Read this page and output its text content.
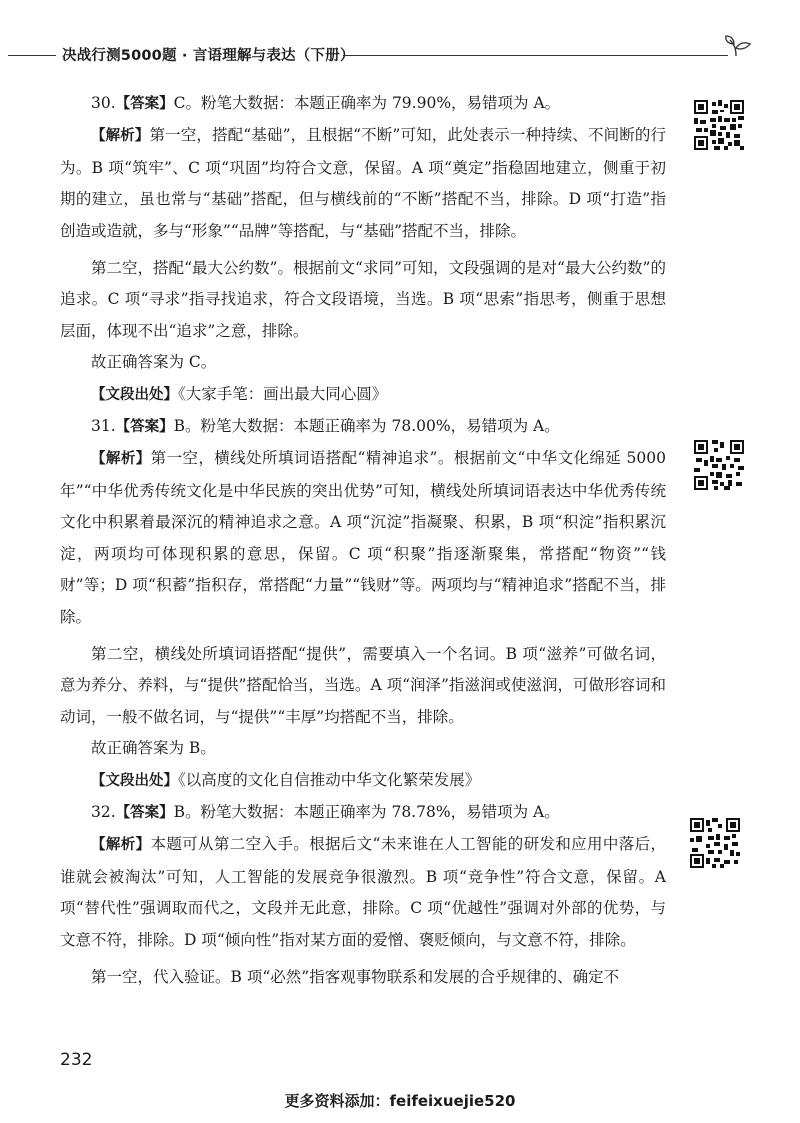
决战行测5000题 · 言语理解与表达（下册）

30.【答案】C。粉笔大数据：本题正确率为 79.90%，易错项为 A。

【解析】第一空，搭配“基础”，且根据“不断”可知，此处表示一种持续、不间断的行为。B 项“筑牢”、C 项“巩固”均符合文意，保留。A 项“奠定”指稳固地建立，侧重于初期的建立，虽也常与“基础”搭配，但与横线前的“不断”搭配不当，排除。D 项“打造”指创造或造就，多与“形象”“品牌”等搭配，与“基础”搭配不当，排除。

第二空，搭配“最大公约数”。根据前文“求同”可知，文段强调的是对“最大公约数”的追求。C 项“寻求”指寻找追求，符合文段语境，当选。B 项“思索”指思考，侧重于思想层面，体现不出“追求”之意，排除。

故正确答案为 C。

【文段出处】《大家手笔：画出最大同心圆》

31.【答案】B。粉笔大数据：本题正确率为 78.00%，易错项为 A。

【解析】第一空，横线处所填词语搭配“精神追求”。根据前文“中华文化绵延 5000 年”“中华优秀传统文化是中华民族的突出优势”可知，横线处所填词语表达中华优秀传统文化中积累着最深沉的精神追求之意。A 项“沉淀”指凝聚、积累，B 项“积淀”指积累沉淀，两项均可体现积累的意思，保留。C 项“积聚”指逐渐聚集，常搭配“物资”“钱财”等；D 项“积蓄”指积存，常搭配“力量”“钱财”等。两项均与“精神追求”搭配不当，排除。

第二空，横线处所填词语搭配“提供”，需要填入一个名词。B 项“滋养”可做名词，意为养分、养料，与“提供”搭配恰当，当选。A 项“润泽”指滋润或使滋润，可做形容词和动词，一般不做名词，与“提供”“丰厚”均搭配不当，排除。

故正确答案为 B。

【文段出处】《以高度的文化自信推动中华文化繁荣发展》

32.【答案】B。粉笔大数据：本题正确率为 78.78%，易错项为 A。

【解析】本题可从第二空入手。根据后文“未来谁在人工智能的研发和应用中落后，谁就会被淘汰”可知，人工智能的发展竞争很激烈。B 项“竞争性”符合文意，保留。A 项“替代性”强调取而代之，文段并无此意，排除。C 项“优越性”强调对外部的优势，与文意不符，排除。D 项“倾向性”指对某方面的爱憎、褒贬倾向，与文意不符，排除。

第一空，代入验证。B 项“必然”指客观事物联系和发展的合乎规律的、确定不

232
更多资料添加：feifeixuejie520
